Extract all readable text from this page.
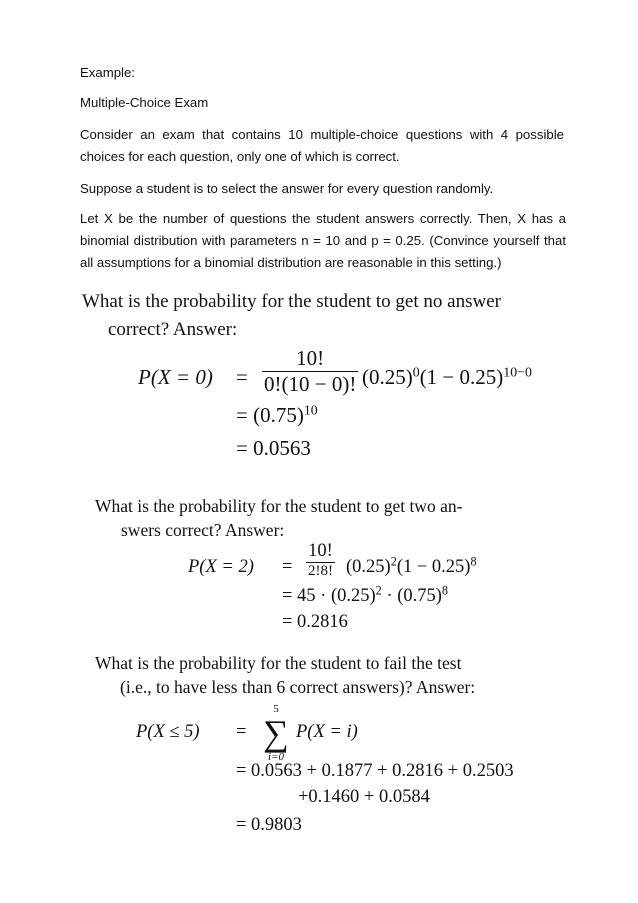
Example:

Multiple-Choice Exam

Consider an exam that contains 10 multiple-choice questions with 4 possible choices for each question, only one of which is correct.

Suppose a student is to select the answer for every question randomly.

Let X be the number of questions the student answers correctly. Then, X has a binomial distribution with parameters n = 10 and p = 0.25. (Convince yourself that all assumptions for a binomial distribution are reasonable in this setting.)

What is the probability for the student to get no answer
correct? Answer:
$P(X = 0) = \frac{10!}{0!(10 - 0)!} (0.25)^0(1 - 0.25)^{10-0}$
= $(0.75)^{10}$
= 0.0563
What is the probability for the student to get two an-
swers correct? Answer:
$P(X = 2) = \frac{10!}{2!8!} (0.25)^2(1 - 0.25)^8$
= $45 \cdot (0.25)^2 \cdot (0.75)^8$
= 0.2816
What is the probability for the student to fail the test
(i.e., to have less than 6 correct answers)? Answer:
P(X ≤ 5) =
5
∑
i=0
P(X = i)
= 0.0563 + 0.1877 + 0.2816 + 0.2503
+0.1460 + 0.0584
= 0.9803
